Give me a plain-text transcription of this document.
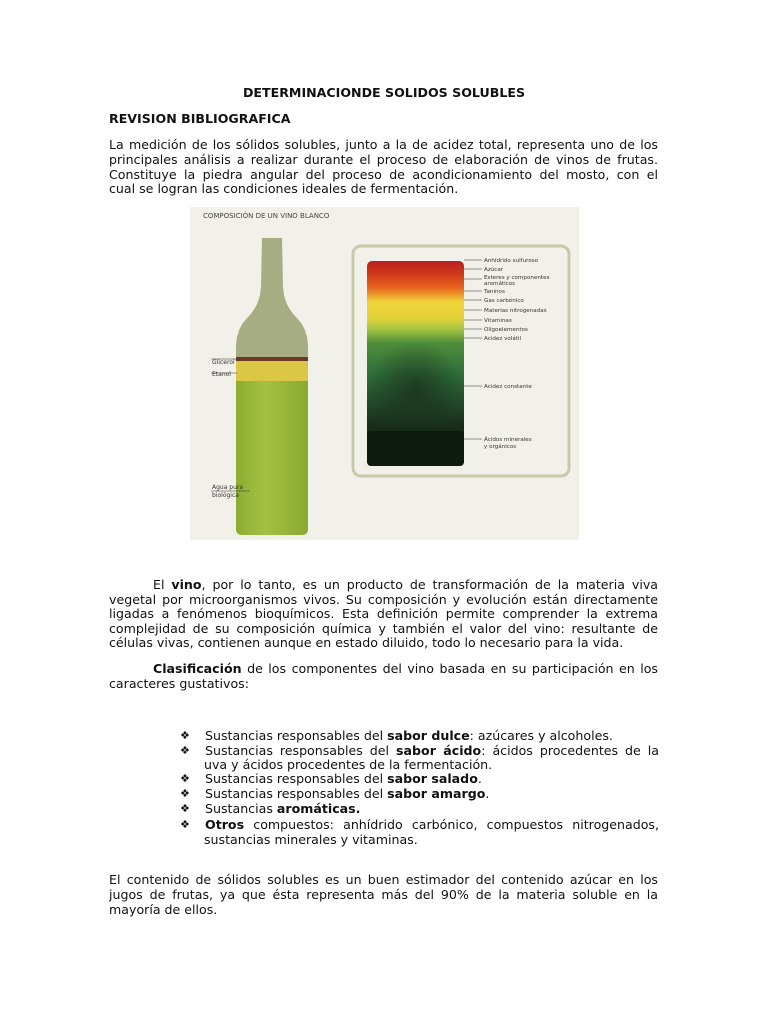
DETERMINACIONDE SOLIDOS SOLUBLES
REVISION BIBLIOGRAFICA
La medición de los sólidos solubles, junto a la de acidez total, representa uno de los
principales análisis a realizar durante el proceso de elaboración de vinos de frutas.
Constituye la piedra angular del proceso de acondicionamiento del mosto, con el
cual se logran las condiciones ideales de fermentación.
COMPOSICIÓN DE UN VINO BLANCO
Glicerol
Etanol
Agua pura
biológica
Anhídrido sulfuroso
Azúcar
Esteres y componentes
aromáticos
Taninos
Gas carbónico
Materias nitrogenadas
Vitaminas
Oligoelementos
Acidez volátil
Acidez constante
Ácidos minerales
y orgánicos
El vino, por lo tanto, es un producto de transformación de la materia viva
vegetal por microorganismos vivos. Su composición y evolución están directamente
ligadas a fenómenos bioquímicos. Esta definición permite comprender la extrema
complejidad de su composición química y también el valor del vino: resultante de
células vivas, contienen aunque en estado diluido, todo lo necesario para la vida.
Clasificación de los componentes del vino basada en su participación en los
caracteres gustativos:
❖	Sustancias responsables del sabor dulce: azúcares y alcoholes.
❖	Sustancias responsables del sabor ácido: ácidos procedentes de la
uva y ácidos procedentes de la fermentación.
❖	Sustancias responsables del sabor salado.
❖	Sustancias responsables del sabor amargo.
❖	Sustancias aromáticas.
❖	Otros compuestos: anhídrido carbónico, compuestos nitrogenados,
sustancias minerales y vitaminas.
El contenido de sólidos solubles es un buen estimador del contenido azúcar en los
jugos de frutas, ya que ésta representa más del 90% de la materia soluble en la
mayoría de ellos.
